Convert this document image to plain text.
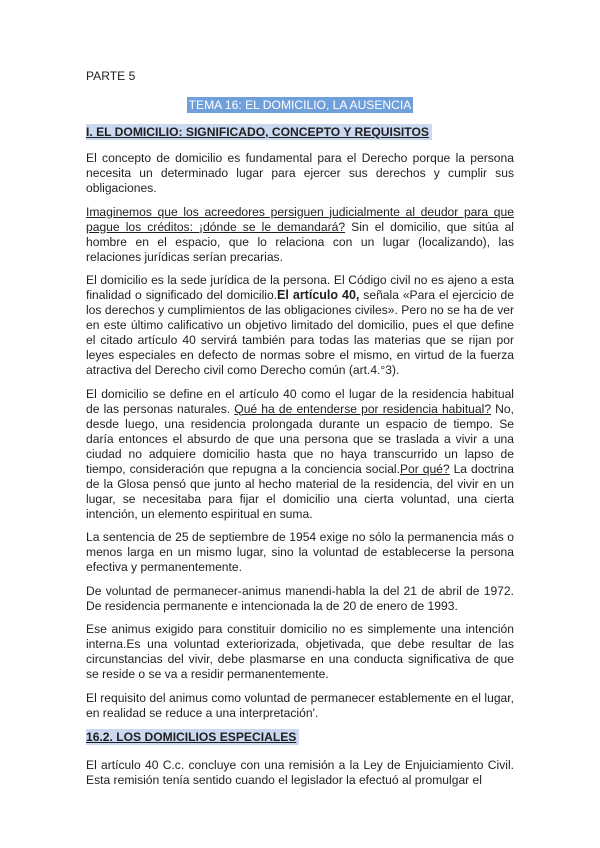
PARTE 5
TEMA 16: EL DOMICILIO, LA AUSENCIA
I. EL DOMICILIO: SIGNIFICADO, CONCEPTO Y REQUISITOS

El concepto de domicilio es fundamental para el Derecho porque la persona necesita un determinado lugar para ejercer sus derechos y cumplir sus obligaciones.

Imaginemos que los acreedores persiguen judicialmente al deudor para que pague los créditos: ¡dónde se le demandará? Sin el domicilio, que sitúa al hombre en el espacio, que lo relaciona con un lugar (localizando), las relaciones jurídicas serían precarias.

El domicilio es la sede jurídica de la persona. El Código civil no es ajeno a esta finalidad o significado del domicilio.El artículo 40, señala «Para el ejercicio de los derechos y cumplimientos de las obligaciones civiles». Pero no se ha de ver en este último calificativo un objetivo limitado del domicilio, pues el que define el citado artículo 40 servirá también para todas las materias que se rijan por leyes especiales en defecto de normas sobre el mismo, en virtud de la fuerza atractiva del Derecho civil como Derecho común (art.4.°3).

El domicilio se define en el artículo 40 como el lugar de la residencia habitual de las personas naturales. Qué ha de entenderse por residencia habitual? No, desde luego, una residencia prolongada durante un espacio de tiempo. Se daría entonces el absurdo de que una persona que se traslada a vivir a una ciudad no adquiere domicilio hasta que no haya transcurrido un lapso de tiempo, consideración que repugna a la conciencia social.Por qué? La doctrina de la Glosa pensó que junto al hecho material de la residencia, del vivir en un lugar, se necesitaba para fijar el domicilio una cierta voluntad, una cierta intención, un elemento espiritual en suma.

La sentencia de 25 de septiembre de 1954 exige no sólo la permanencia más o menos larga en un mismo lugar, sino la voluntad de establecerse la persona efectiva y permanentemente.

De voluntad de permanecer-animus manendi-habla la del 21 de abril de 1972. De residencia permanente e intencionada la de 20 de enero de 1993.

Ese animus exigido para constituir domicilio no es simplemente una intención interna.Es una voluntad exteriorizada, objetivada, que debe resultar de las circunstancias del vivir, debe plasmarse en una conducta significativa de que se reside o se va a residir permanentemente.

El requisito del animus como voluntad de permanecer establemente en el lugar, en realidad se reduce a una interpretación'.

16.2. LOS DOMICILIOS ESPECIALES

El artículo 40 C.c. concluye con una remisión a la Ley de Enjuiciamiento Civil. Esta remisión tenía sentido cuando el legislador la efectuó al promulgar el
